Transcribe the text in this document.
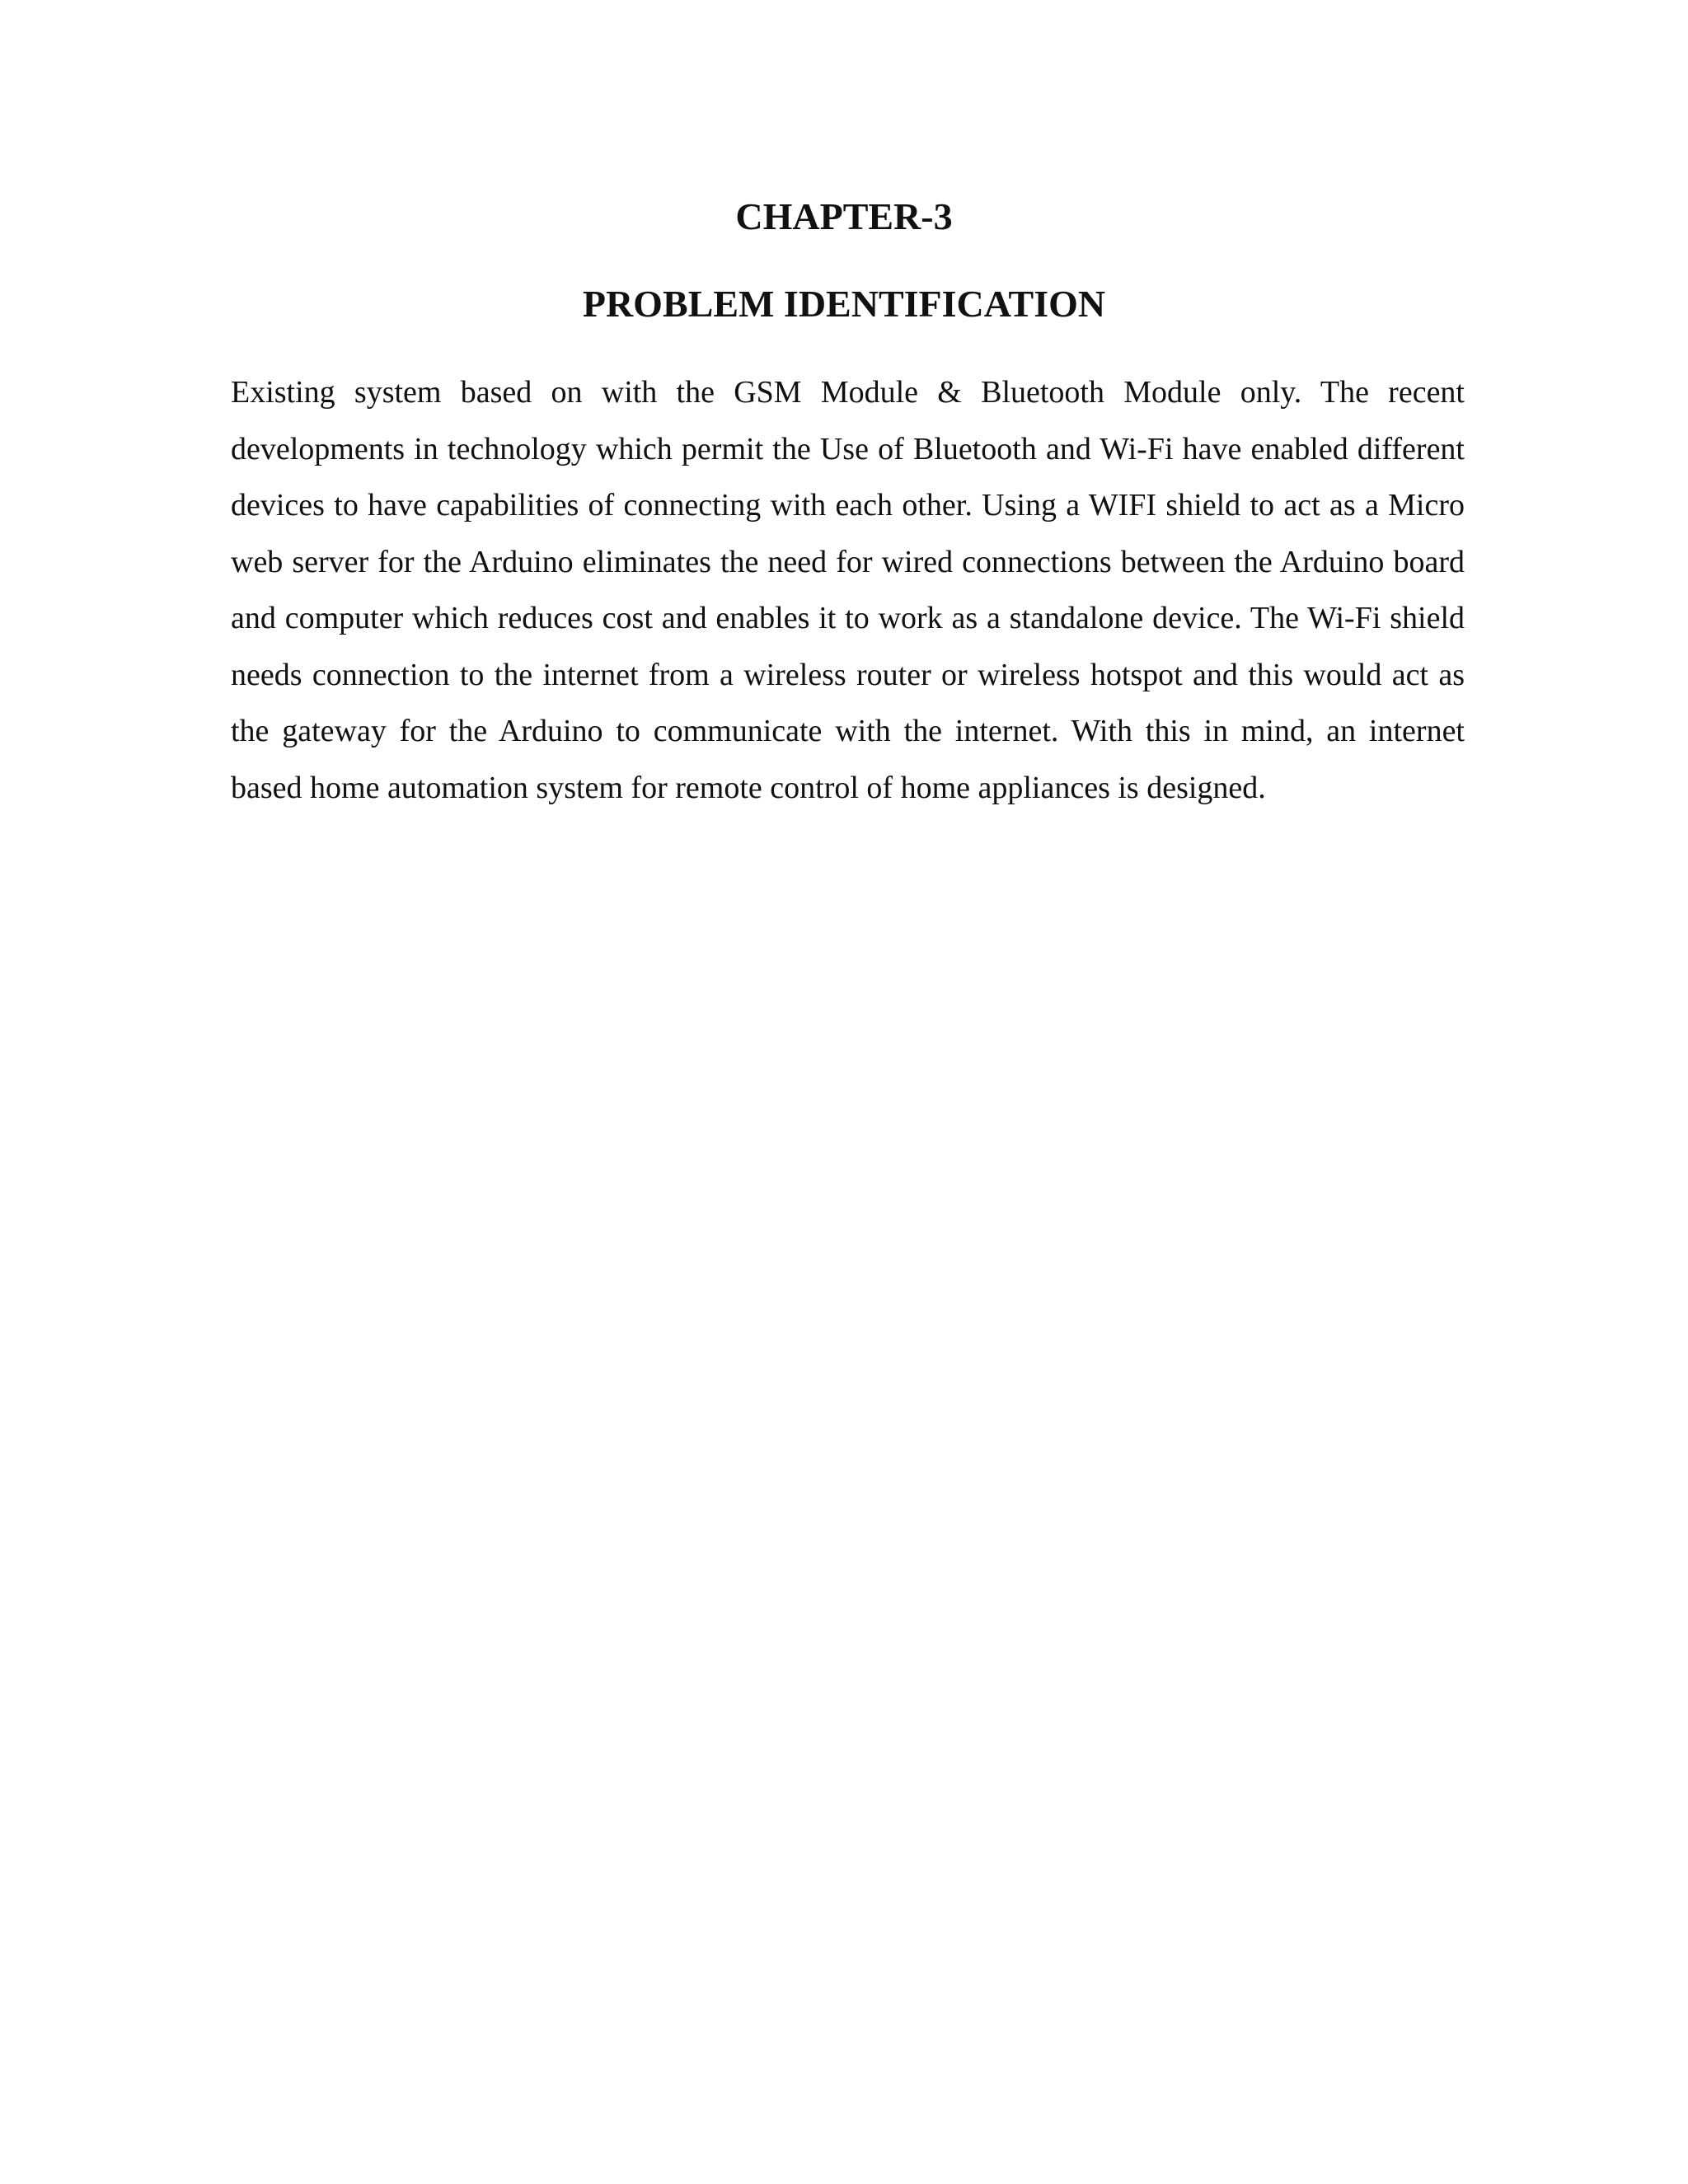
CHAPTER-3
PROBLEM IDENTIFICATION

Existing system based on with the GSM Module & Bluetooth Module only. The recent developments in technology which permit the Use of Bluetooth and Wi-Fi have enabled different devices to have capabilities of connecting with each other. Using a WIFI shield to act as a Micro web server for the Arduino eliminates the need for wired connections between the Arduino board and computer which reduces cost and enables it to work as a standalone device. The Wi-Fi shield needs connection to the internet from a wireless router or wireless hotspot and this would act as the gateway for the Arduino to communicate with the internet. With this in mind, an internet based home automation system for remote control of home appliances is designed.
